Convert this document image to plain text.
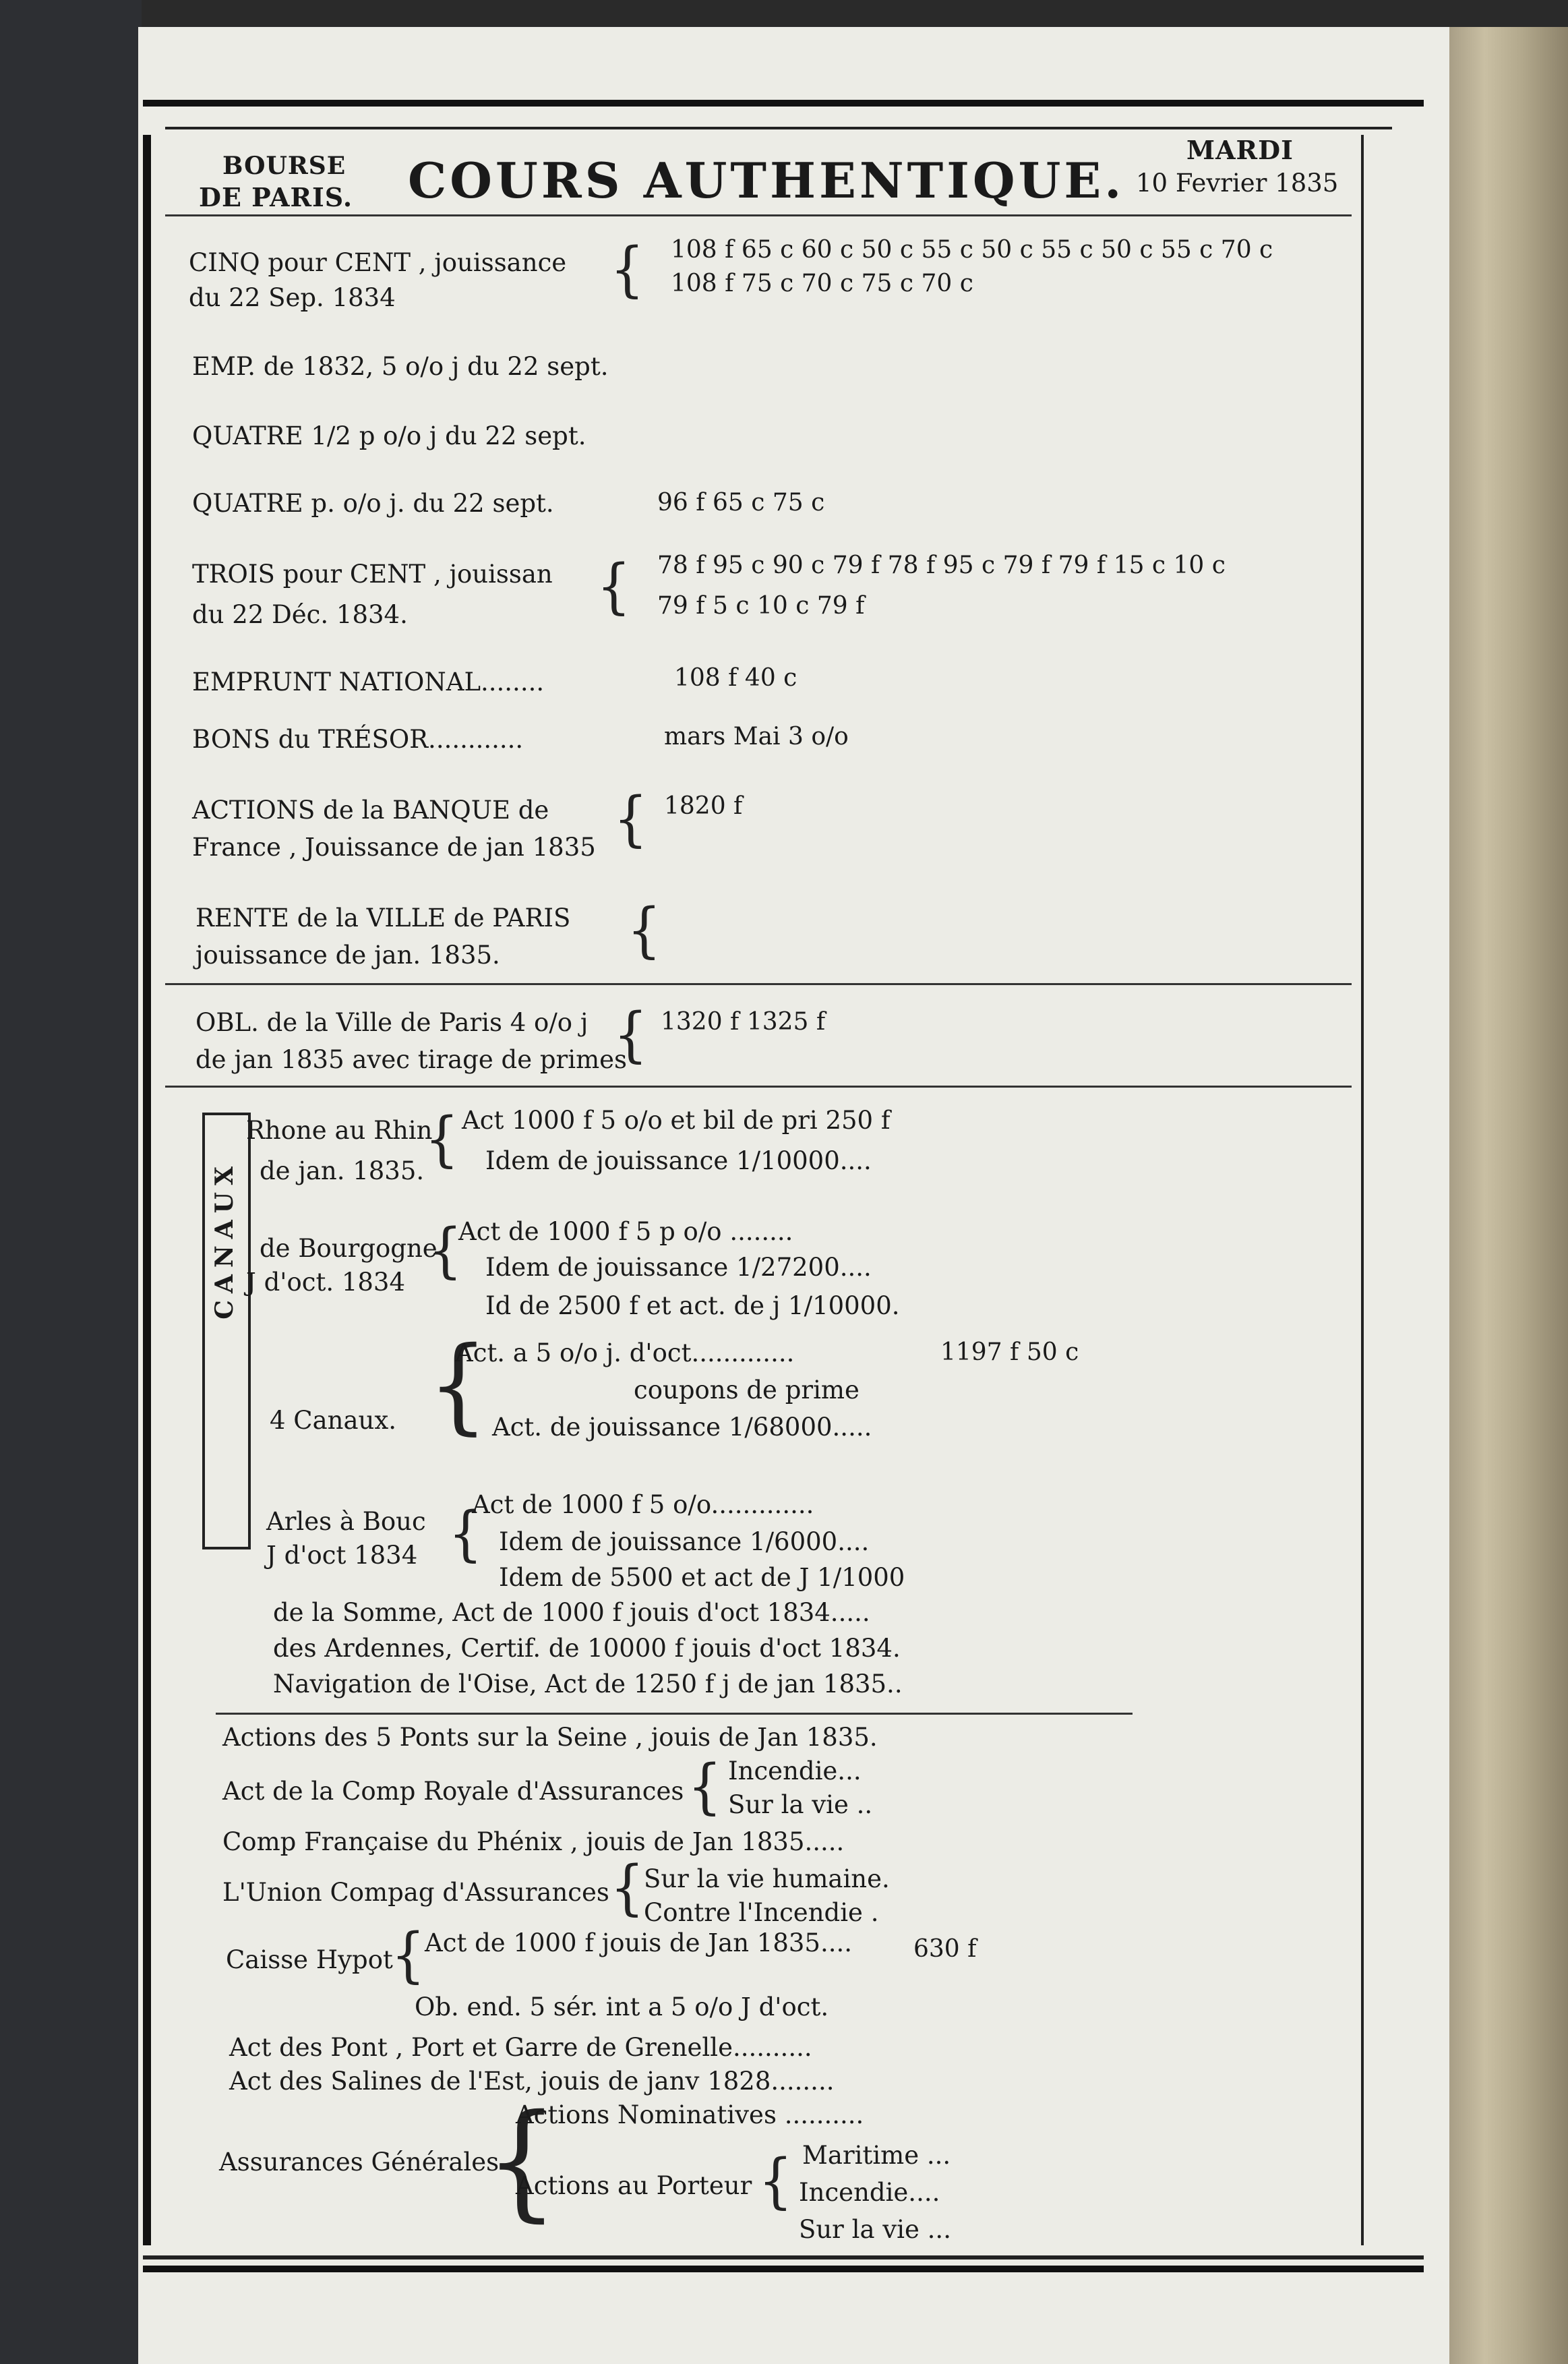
BOURSE
DE PARIS. COURS AUTHENTIQUE.
MARDI
10 Fevrier 1835
CINQ pour CENT , jouissance
du 22 Sep. 1834	{ 108 f 65 c 60 c 50 c 55 c 50 c 55 c 50 c 55 c 70 c
108 f 75 c 70 c 75 c 70 c
EMP. de 1832, 5 o/o j du 22 sept.
QUATRE 1/2 p o/o j du 22 sept.
QUATRE p. o/o j. du 22 sept.	96 f 65 c 75 c
TROIS pour CENT , jouissan
du 22 Déc. 1834.	{ 78 f 95 c 90 c 79 f 78 f 95 c 79 f 79 f 15 c 10 c
79 f 5 c 10 c 79 f
EMPRUNT NATIONAL........	108 f 40 c
BONS du TRÉSOR............	mars Mai 3 o/o
ACTIONS de la BANQUE de
France , Jouissance de jan 1835 { 1820 f
RENTE de la VILLE de PARIS
jouissance de jan. 1835. {
OBL. de la Ville de Paris 4 o/o j
de jan 1835 avec tirage de primes
{ 1320 f 1325 f
CANAUX
Rhone au Rhin
de jan. 1835. { Act 1000 f 5 o/o et bil de pri 250 f
Idem de jouissance 1/10000....
de Bourgogne
J d'oct. 1834 {
Act de 1000 f 5 p o/o ........
Idem de jouissance 1/27200....
Id de 2500 f et act. de j 1/10000.
{
4 Canaux.
Act. a 5 o/o j. d'oct.............	1197 f 50 c
coupons de prime
Act. de jouissance 1/68000.....
Arles à Bouc
J d'oct 1834 {
Act de 1000 f 5 o/o.............
Idem de jouissance 1/6000....
Idem de 5500 et act de J 1/1000
de la Somme, Act de 1000 f jouis d'oct 1834.....
des Ardennes, Certif. de 10000 f jouis d'oct 1834.
Navigation de l'Oise, Act de 1250 f j de jan 1835..
Actions des 5 Ponts sur la Seine , jouis de Jan 1835.
Act de la Comp Royale d'Assurances { Incendie...
Sur la vie ..
Comp Française du Phénix , jouis de Jan 1835.....
L'Union Compag d'Assurances { Sur la vie humaine.
Contre l'Incendie .
Caisse Hypot
{ Act de 1000 f jouis de Jan 1835....	630 f
Ob. end. 5 sér. int a 5 o/o J d'oct.
Act des Pont , Port et Garre de Grenelle..........
Act des Salines de l'Est, jouis de janv 1828........
{
Assurances Générales
Actions Nominatives ..........
Actions au Porteur { Maritime ...
Incendie....
Sur la vie ...
